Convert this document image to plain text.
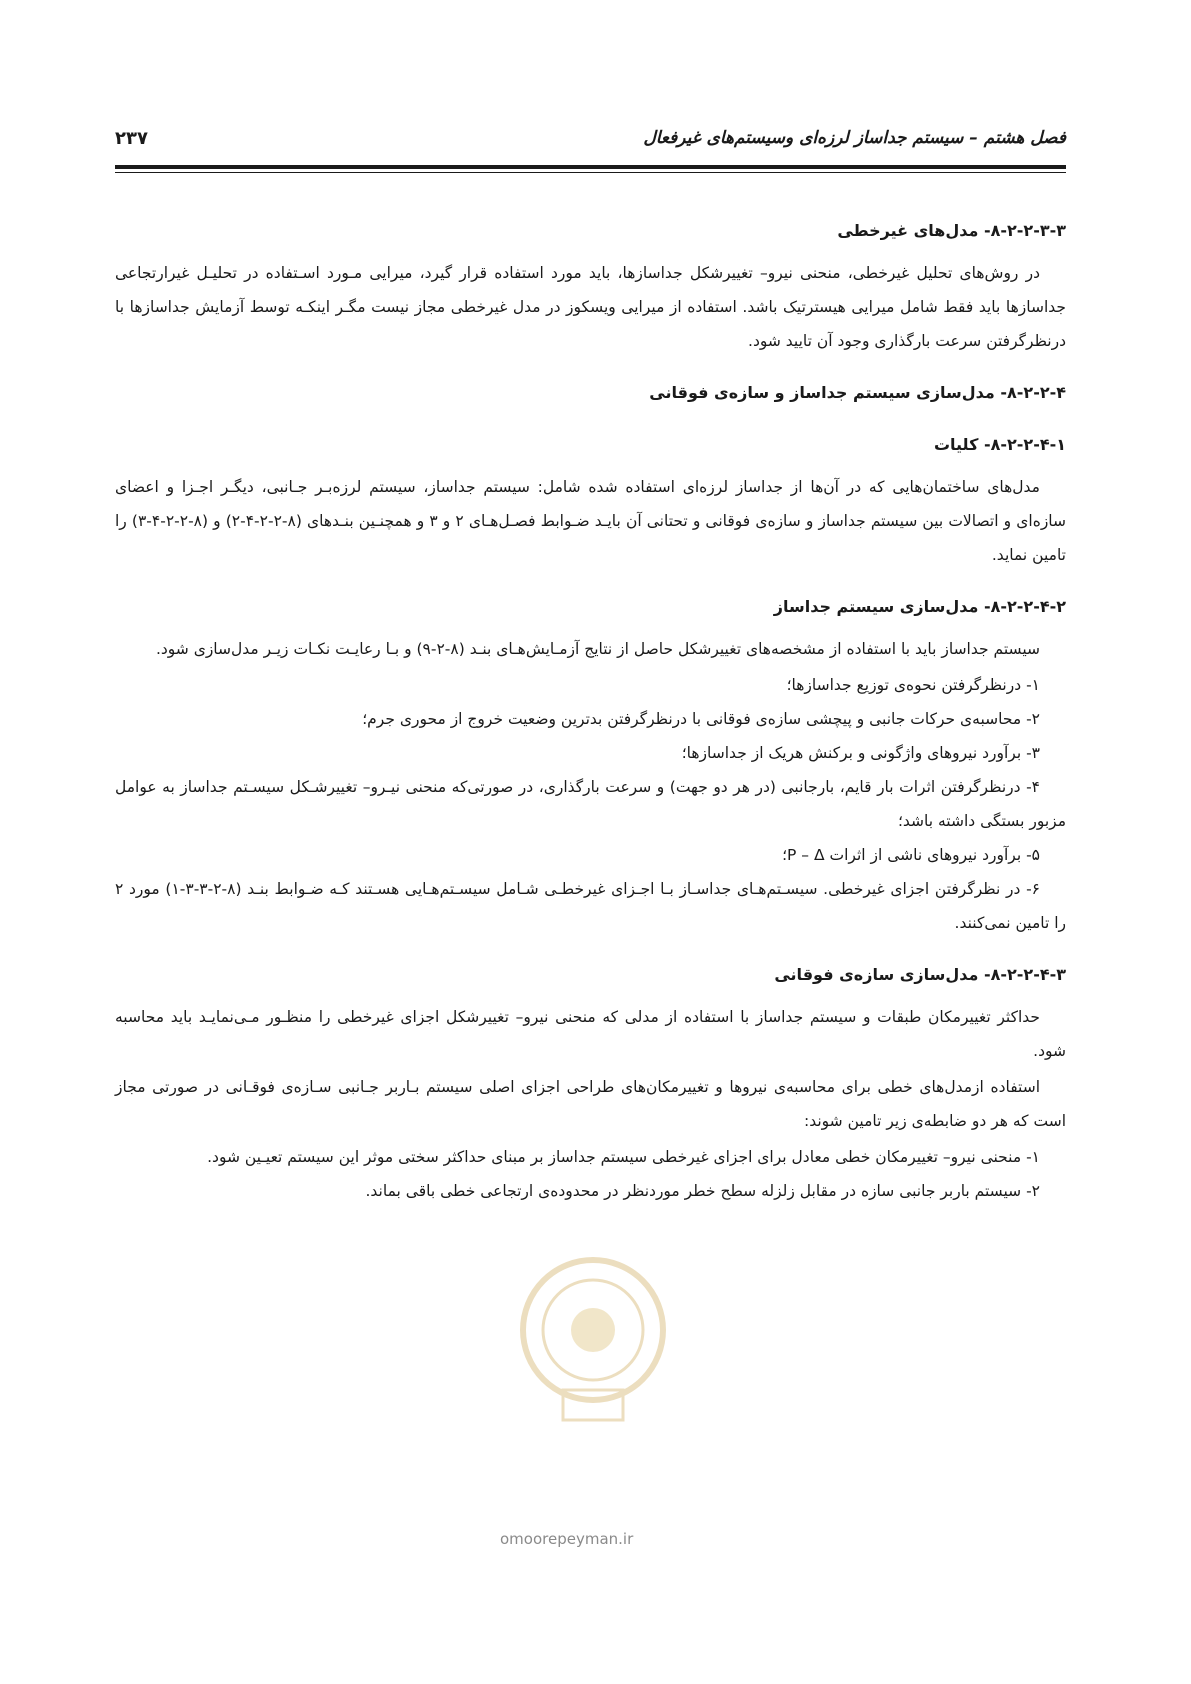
فصل هشتم – سیستم جداساز لرزه‌ای وسیستم‌های غیرفعال
۲۳۷
۸-۲-۲-۳-۳- مدل‌های غیرخطی

در روش‌های تحلیل غیرخطی، منحنی نیرو– تغییرشکل جداسازها، باید مورد استفاده قرار گیرد، میرایی مـورد اسـتفاده در تحلیـل غیرارتجاعی جداسازها باید فقط شامل میرایی هیسترتیک باشد. استفاده از میرایی ویسکوز در مدل غیرخطی مجاز نیست مگـر اینکـه توسط آزمایش جداسازها با درنظرگرفتن سرعت بارگذاری وجود آن تایید شود.

۸-۲-۲-۴- مدل‌سازی سیستم جداساز و سازه‌ی فوقانی
۸-۲-۲-۴-۱- کلیات

مدل‌های ساختمان‌هایی که در آن‌ها از جداساز لرزه‌ای استفاده شده شامل: سیستم جداساز، سیستم لرزه‌بـر جـانبی، دیگـر اجـزا و اعضای سازه‌ای و اتصالات بین سیستم جداساز و سازه‌ی فوقانی و تحتانی آن بایـد ضـوابط فصـل‌هـای ۲ و ۳ و همچنـین بنـدهای (۸-۲-۲-۴-۲) و (۸-۲-۲-۴-۳) را تامین نماید.

۸-۲-۲-۴-۲- مدل‌سازی سیستم جداساز

سیستم جداساز باید با استفاده از مشخصه‌های تغییرشکل حاصل از نتایج آزمـایش‌هـای بنـد (۸-۲-۹) و بـا رعایـت نکـات زیـر مدل‌سازی شود.

۱- درنظرگرفتن نحوه‌ی توزیع جداسازها؛

۲- محاسبه‌ی حرکات جانبی و پیچشی سازه‌ی فوقانی با درنظرگرفتن بدترین وضعیت خروج از محوری جرم؛

۳- برآورد نیروهای واژگونی و برکنش هریک از جداسازها؛

۴- درنظرگرفتن اثرات بار قایم، بارجانبی (در هر دو جهت) و سرعت بارگذاری، در صورتی‌که منحنی نیـرو– تغییرشـکل سیسـتم جداساز به عوامل مزبور بستگی داشته باشد؛

۵- برآورد نیروهای ناشی از اثرات P – Δ؛

۶- در نظرگرفتن اجزای غیرخطی. سیسـتم‌هـای جداسـاز بـا اجـزای غیرخطـی شـامل سیسـتم‌هـایی هسـتند کـه ضـوابط بنـد (۸-۲-۳-۳-۱) مورد ۲ را تامین نمی‌کنند.

۸-۲-۲-۴-۳- مدل‌سازی سازه‌ی فوقانی

حداکثر تغییرمکان طبقات و سیستم جداساز با استفاده از مدلی که منحنی نیرو– تغییرشکل اجزای غیرخطی را منظـور مـی‌نمایـد باید محاسبه شود.

استفاده ازمدل‌های خطی برای محاسبه‌ی نیروها و تغییرمکان‌های طراحی اجزای اصلی سیستم بـاربر جـانبی سـازه‌ی فوقـانی در صورتی مجاز است که هر دو ضابطه‌ی زیر تامین شوند:

۱- منحنی نیرو– تغییرمکان خطی معادل برای اجزای غیرخطی سیستم جداساز بر مبنای حداکثر سختی موثر این سیستم تعیـین شود.

۲- سیستم باربر جانبی سازه در مقابل زلزله سطح خطر موردنظر در محدوده‌ی ارتجاعی خطی باقی بماند.

omoorepeyman.ir
